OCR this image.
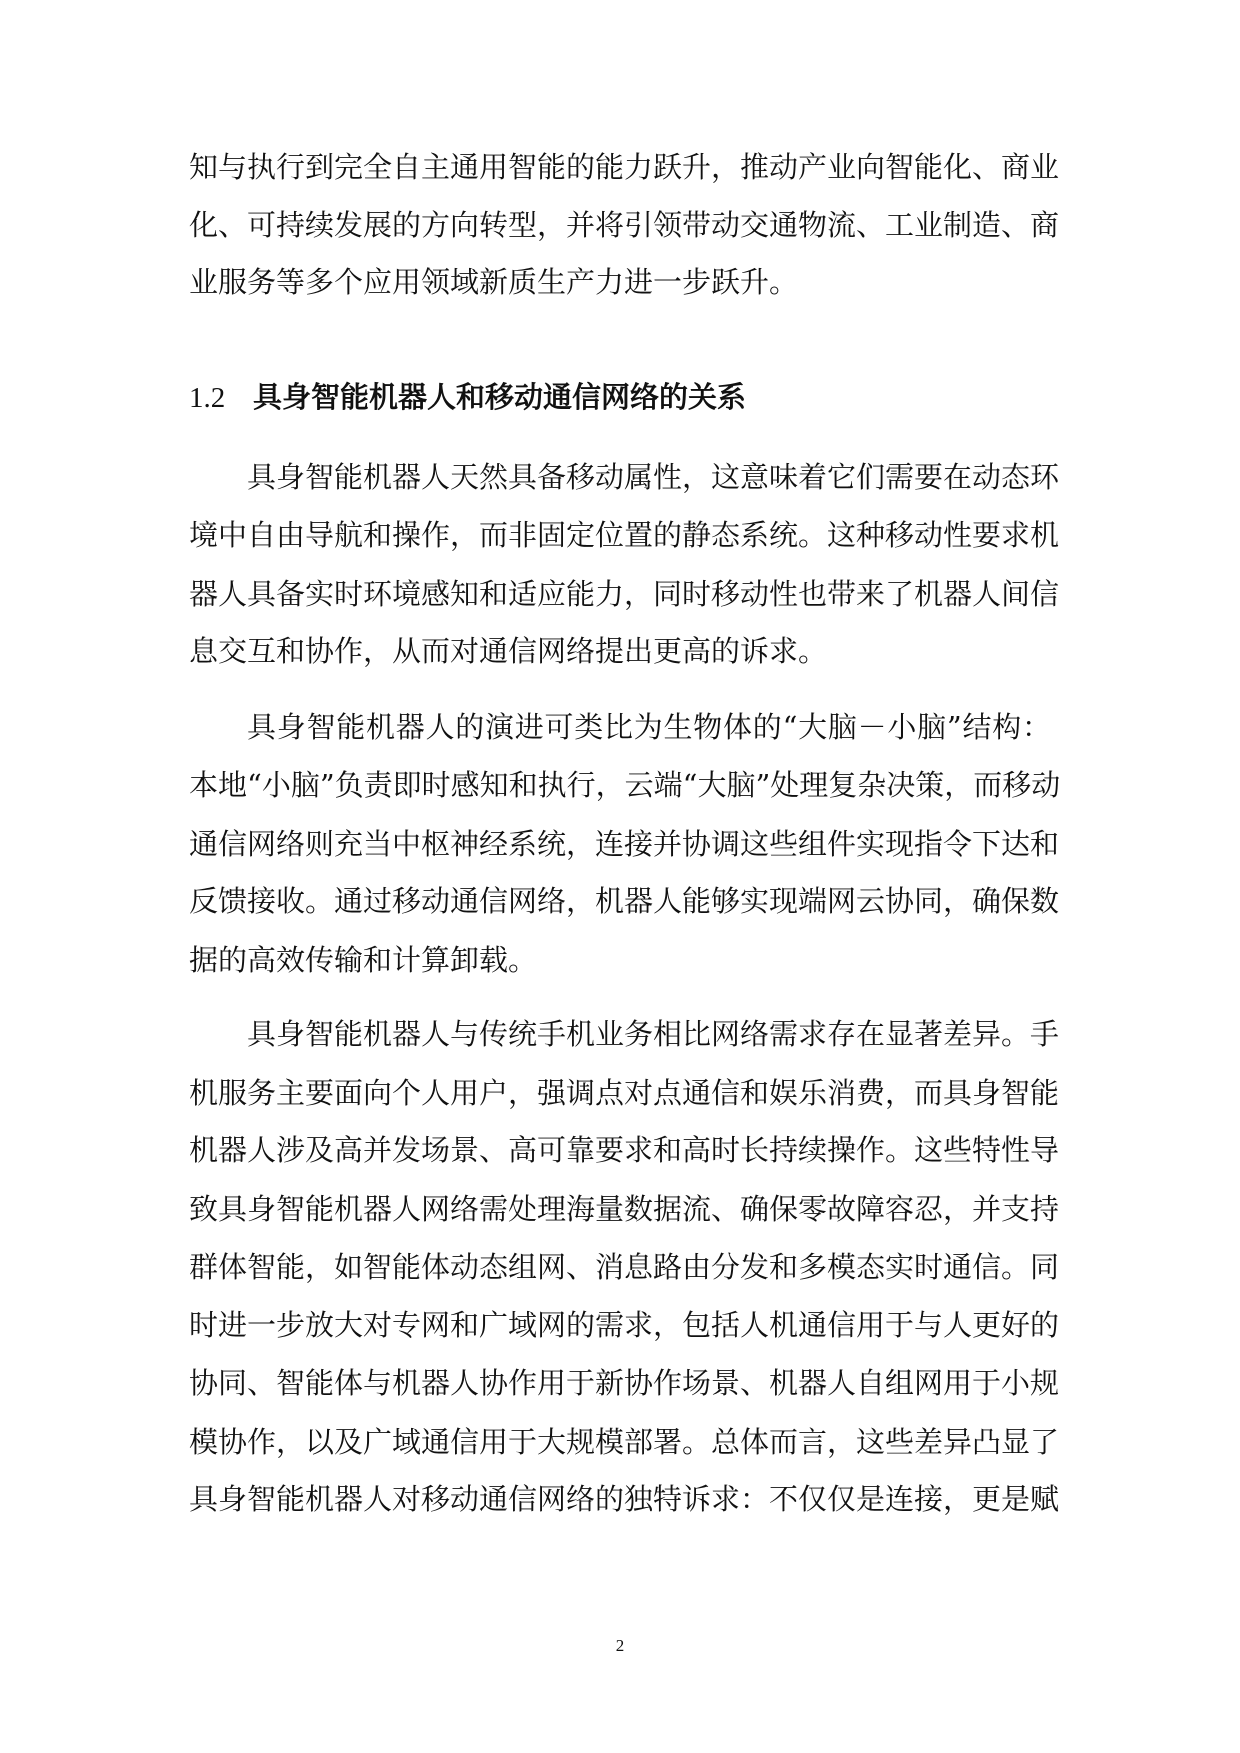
知与执行到完全自主通用智能的能力跃升，推动产业向智能化、商业
化、可持续发展的方向转型，并将引领带动交通物流、工业制造、商
业服务等多个应用领域新质生产力进一步跃升。
1.2 具身智能机器人和移动通信网络的关系
具身智能机器人天然具备移动属性，这意味着它们需要在动态环
境中自由导航和操作，而非固定位置的静态系统。这种移动性要求机
器人具备实时环境感知和适应能力，同时移动性也带来了机器人间信
息交互和协作，从而对通信网络提出更高的诉求。
具身智能机器人的演进可类比为生物体的“大脑－小脑”结构：
本地“小脑”负责即时感知和执行，云端“大脑”处理复杂决策，而移动
通信网络则充当中枢神经系统，连接并协调这些组件实现指令下达和
反馈接收。通过移动通信网络，机器人能够实现端网云协同，确保数
据的高效传输和计算卸载。
具身智能机器人与传统手机业务相比网络需求存在显著差异。手
机服务主要面向个人用户，强调点对点通信和娱乐消费，而具身智能
机器人涉及高并发场景、高可靠要求和高时长持续操作。这些特性导
致具身智能机器人网络需处理海量数据流、确保零故障容忍，并支持
群体智能，如智能体动态组网、消息路由分发和多模态实时通信。同
时进一步放大对专网和广域网的需求，包括人机通信用于与人更好的
协同、智能体与机器人协作用于新协作场景、机器人自组网用于小规
模协作，以及广域通信用于大规模部署。总体而言，这些差异凸显了
具身智能机器人对移动通信网络的独特诉求：不仅仅是连接，更是赋
2
